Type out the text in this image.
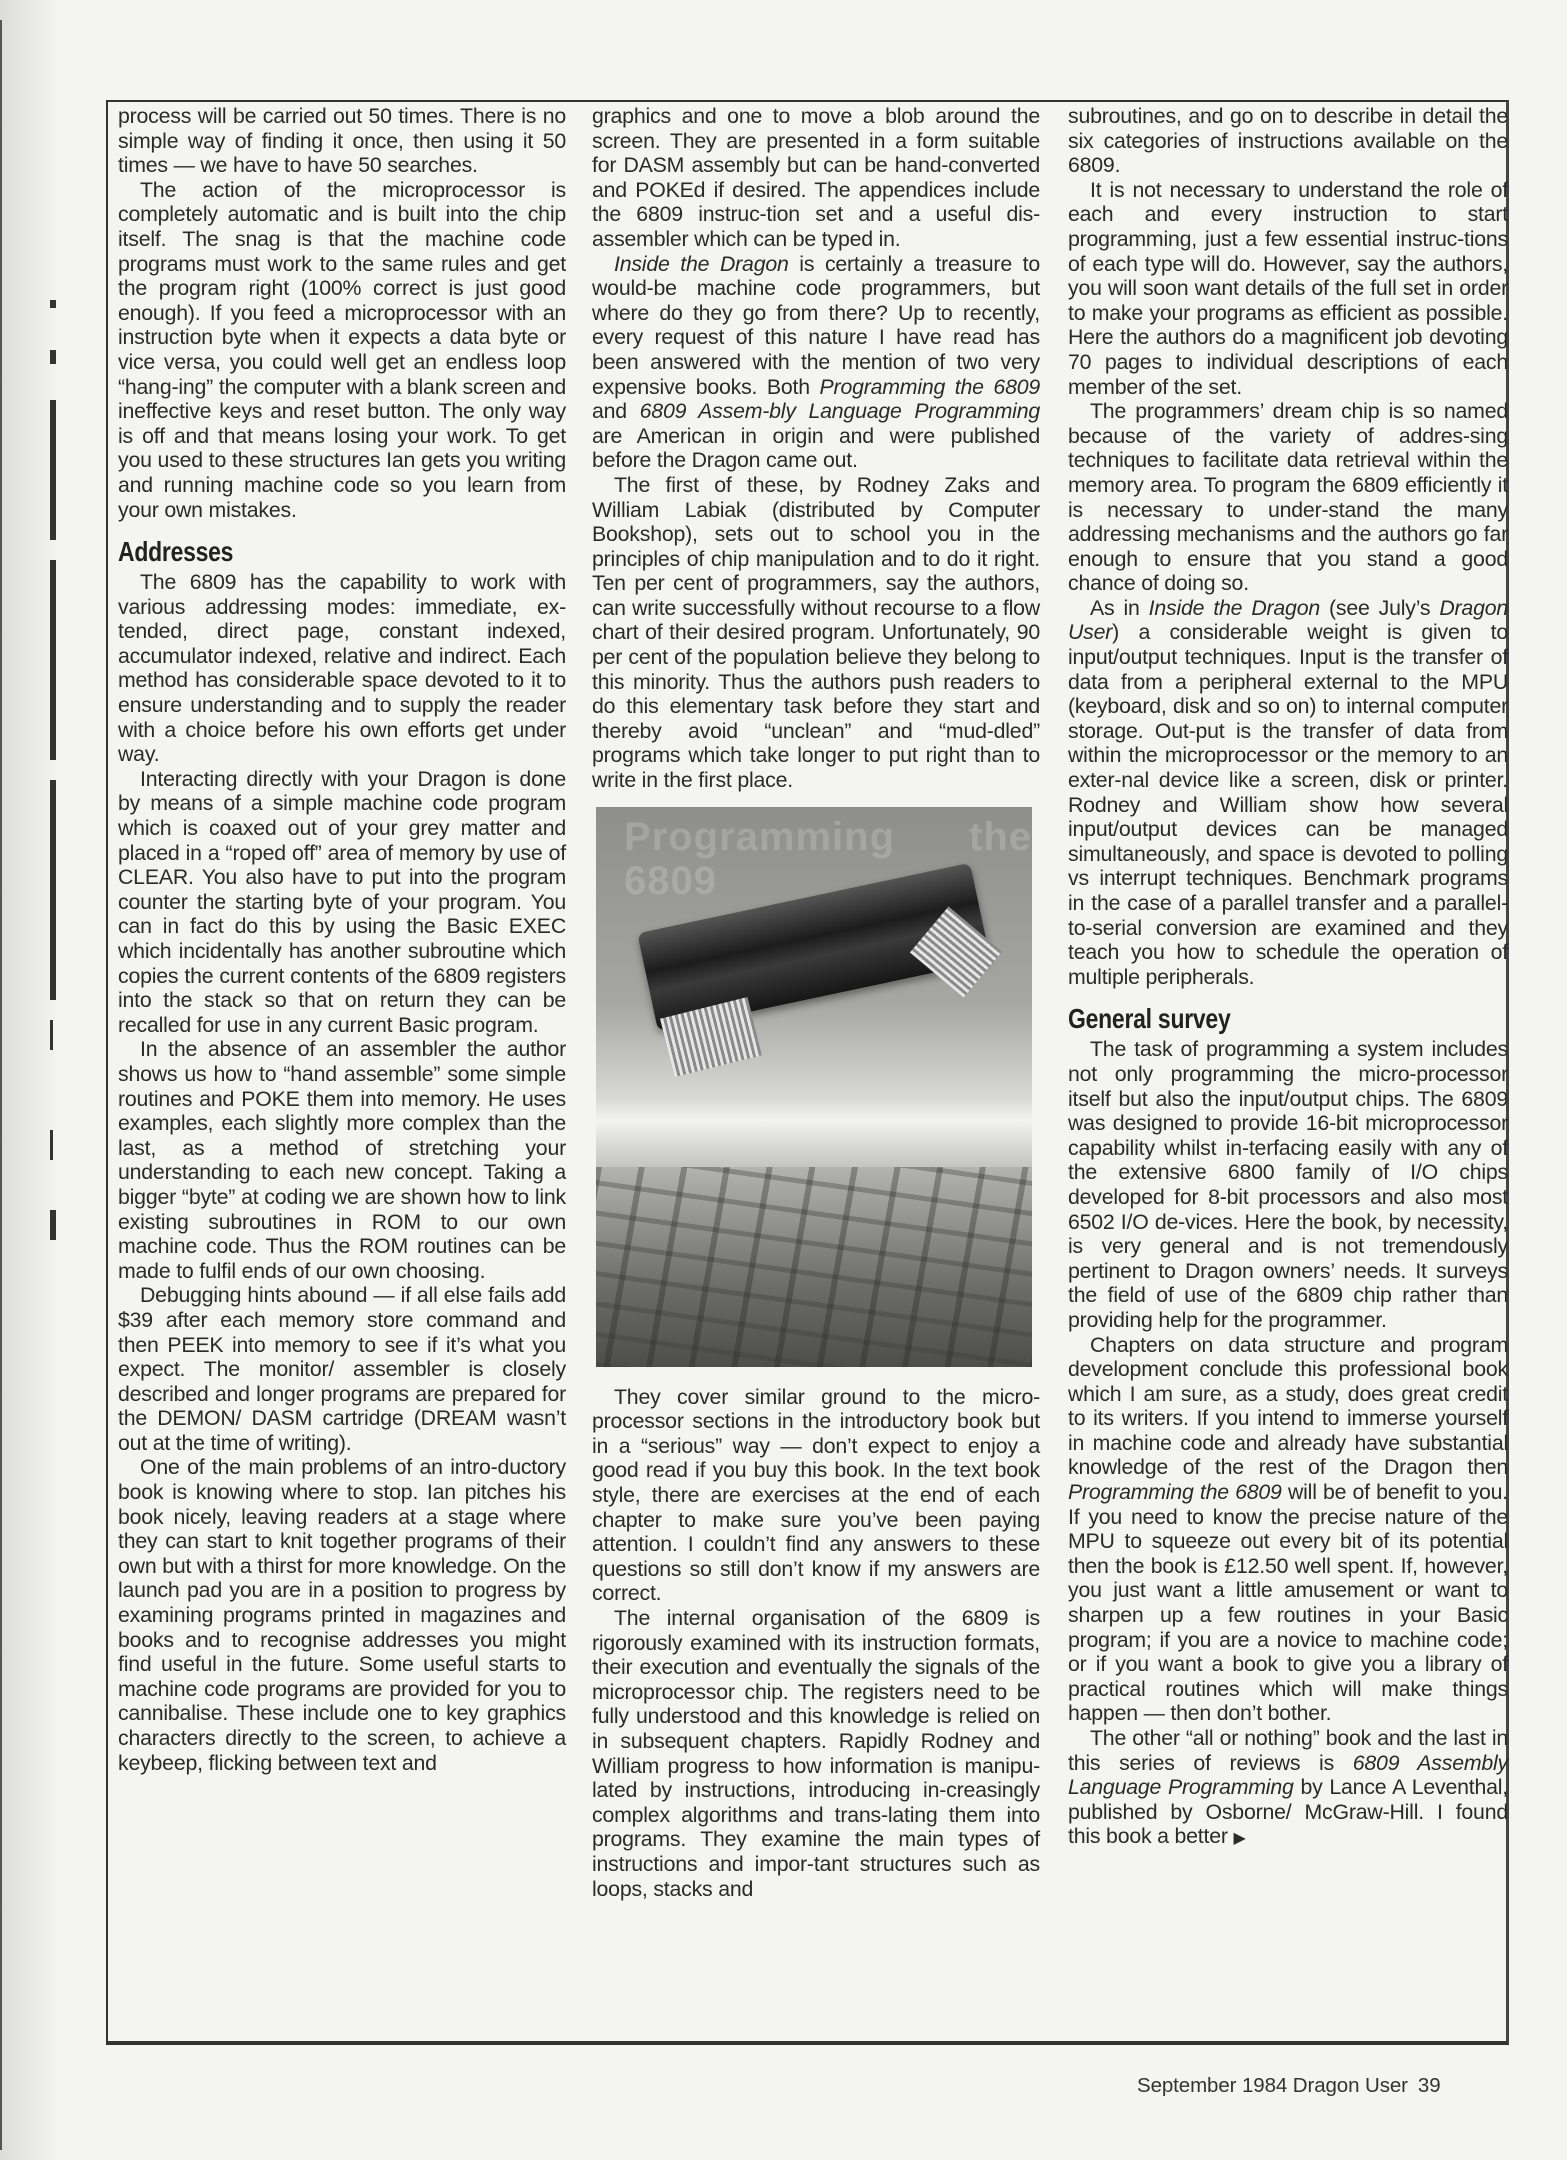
process will be carried out 50 times. There is no simple way of finding it once, then using it 50 times — we have to have 50 searches.

The action of the microprocessor is completely automatic and is built into the chip itself. The snag is that the machine code programs must work to the same rules and get the program right (100% correct is just good enough). If you feed a microprocessor with an instruction byte when it expects a data byte or vice versa, you could well get an endless loop “hang-ing” the computer with a blank screen and ineffective keys and reset button. The only way is off and that means losing your work. To get you used to these structures Ian gets you writing and running machine code so you learn from your own mistakes.

Addresses

The 6809 has the capability to work with various addressing modes: immediate, ex-tended, direct page, constant indexed, accumulator indexed, relative and indirect. Each method has considerable space devoted to it to ensure understanding and to supply the reader with a choice before his own efforts get under way.

Interacting directly with your Dragon is done by means of a simple machine code program which is coaxed out of your grey matter and placed in a “roped off” area of memory by use of CLEAR. You also have to put into the program counter the starting byte of your program. You can in fact do this by using the Basic EXEC which incidentally has another subroutine which copies the current contents of the 6809 registers into the stack so that on return they can be recalled for use in any current Basic program.

In the absence of an assembler the author shows us how to “hand assemble” some simple routines and POKE them into memory. He uses examples, each slightly more complex than the last, as a method of stretching your understanding to each new concept. Taking a bigger “byte” at coding we are shown how to link existing subroutines in ROM to our own machine code. Thus the ROM routines can be made to fulfil ends of our own choosing.

Debugging hints abound — if all else fails add $39 after each memory store command and then PEEK into memory to see if it’s what you expect. The monitor/ assembler is closely described and longer programs are prepared for the DEMON/ DASM cartridge (DREAM wasn’t out at the time of writing).

One of the main problems of an intro-ductory book is knowing where to stop. Ian pitches his book nicely, leaving readers at a stage where they can start to knit together programs of their own but with a thirst for more knowledge. On the launch pad you are in a position to progress by examining programs printed in magazines and books and to recognise addresses you might find useful in the future. Some useful starts to machine code programs are provided for you to cannibalise. These include one to key graphics characters directly to the screen, to achieve a keybeep, flicking between text and

graphics and one to move a blob around the screen. They are presented in a form suitable for DASM assembly but can be hand-converted and POKEd if desired. The appendices include the 6809 instruc-tion set and a useful dis-assembler which can be typed in.

Inside the Dragon is certainly a treasure to would-be machine code programmers, but where do they go from there? Up to recently, every request of this nature I have read has been answered with the mention of two very expensive books. Both Programming the 6809 and 6809 Assem-bly Language Programming are American in origin and were published before the Dragon came out.

The first of these, by Rodney Zaks and William Labiak (distributed by Computer Bookshop), sets out to school you in the principles of chip manipulation and to do it right. Ten per cent of programmers, say the authors, can write successfully without recourse to a flow chart of their desired program. Unfortunately, 90 per cent of the population believe they belong to this minority. Thus the authors push readers to do this elementary task before they start and thereby avoid “unclean” and “mud-dled” programs which take longer to put right than to write in the first place.

Programming the 6809

They cover similar ground to the micro-processor sections in the introductory book but in a “serious” way — don’t expect to enjoy a good read if you buy this book. In the text book style, there are exercises at the end of each chapter to make sure you’ve been paying attention. I couldn’t find any answers to these questions so still don’t know if my answers are correct.

The internal organisation of the 6809 is rigorously examined with its instruction formats, their execution and eventually the signals of the microprocessor chip. The registers need to be fully understood and this knowledge is relied on in subsequent chapters. Rapidly Rodney and William progress to how information is manipu-lated by instructions, introducing in-creasingly complex algorithms and trans-lating them into programs. They examine the main types of instructions and impor-tant structures such as loops, stacks and

subroutines, and go on to describe in detail the six categories of instructions available on the 6809.

It is not necessary to understand the role of each and every instruction to start programming, just a few essential instruc-tions of each type will do. However, say the authors, you will soon want details of the full set in order to make your programs as efficient as possible. Here the authors do a magnificent job devoting 70 pages to individual descriptions of each member of the set.

The programmers’ dream chip is so named because of the variety of addres-sing techniques to facilitate data retrieval within the memory area. To program the 6809 efficiently it is necessary to under-stand the many addressing mechanisms and the authors go far enough to ensure that you stand a good chance of doing so.

As in Inside the Dragon (see July’s Dragon User) a considerable weight is given to input/output techniques. Input is the transfer of data from a peripheral external to the MPU (keyboard, disk and so on) to internal computer storage. Out-put is the transfer of data from within the microprocessor or the memory to an exter-nal device like a screen, disk or printer. Rodney and William show how several input/output devices can be managed simultaneously, and space is devoted to polling vs interrupt techniques. Benchmark programs in the case of a parallel transfer and a parallel-to-serial conversion are examined and they teach you how to schedule the operation of multiple peripherals.

General survey

The task of programming a system includes not only programming the micro-processor itself but also the input/output chips. The 6809 was designed to provide 16-bit microprocessor capability whilst in-terfacing easily with any of the extensive 6800 family of I/O chips developed for 8-bit processors and also most 6502 I/O de-vices. Here the book, by necessity, is very general and is not tremendously pertinent to Dragon owners’ needs. It surveys the field of use of the 6809 chip rather than providing help for the programmer.

Chapters on data structure and program development conclude this professional book which I am sure, as a study, does great credit to its writers. If you intend to immerse yourself in machine code and already have substantial knowledge of the rest of the Dragon then Programming the 6809 will be of benefit to you. If you need to know the precise nature of the MPU to squeeze out every bit of its potential then the book is £12.50 well spent. If, however, you just want a little amusement or want to sharpen up a few routines in your Basic program; if you are a novice to machine code; or if you want a book to give you a library of practical routines which will make things happen — then don’t bother.

The other “all or nothing” book and the last in this series of reviews is 6809 Assembly Language Programming by Lance A Leventhal, published by Osborne/ McGraw-Hill. I found this book a better ▶

September 1984 Dragon User 39
